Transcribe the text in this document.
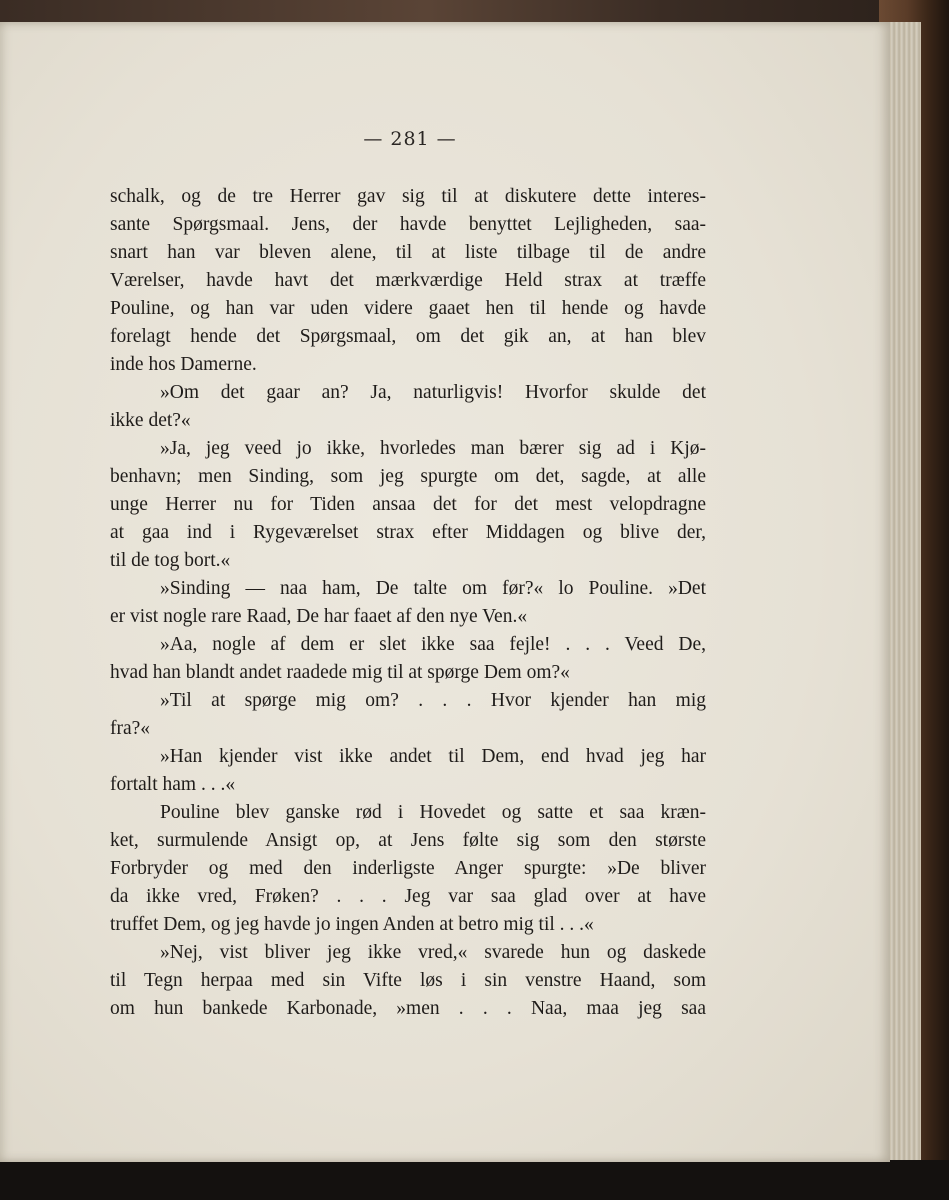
— 281 —

schalk, og de tre Herrer gav sig til at diskutere dette interes-
sante Spørgsmaal. Jens, der havde benyttet Lejligheden, saa-
snart han var bleven alene, til at liste tilbage til de andre
Værelser, havde havt det mærkværdige Held strax at træffe
Pouline, og han var uden videre gaaet hen til hende og havde
forelagt hende det Spørgsmaal, om det gik an, at han blev
inde hos Damerne.
»Om det gaar an? Ja, naturligvis! Hvorfor skulde det
ikke det?«
»Ja, jeg veed jo ikke, hvorledes man bærer sig ad i Kjø-
benhavn; men Sinding, som jeg spurgte om det, sagde, at alle
unge Herrer nu for Tiden ansaa det for det mest velopdragne
at gaa ind i Rygeværelset strax efter Middagen og blive der,
til de tog bort.«
»Sinding — naa ham, De talte om før?« lo Pouline. »Det
er vist nogle rare Raad, De har faaet af den nye Ven.«
»Aa, nogle af dem er slet ikke saa fejle! . . . Veed De,
hvad han blandt andet raadede mig til at spørge Dem om?«
»Til at spørge mig om? . . . Hvor kjender han mig
fra?«
»Han kjender vist ikke andet til Dem, end hvad jeg har
fortalt ham . . .«
Pouline blev ganske rød i Hovedet og satte et saa kræn-
ket, surmulende Ansigt op, at Jens følte sig som den største
Forbryder og med den inderligste Anger spurgte: »De bliver
da ikke vred, Frøken? . . . Jeg var saa glad over at have
truffet Dem, og jeg havde jo ingen Anden at betro mig til . . .«
»Nej, vist bliver jeg ikke vred,« svarede hun og daskede
til Tegn herpaa med sin Vifte løs i sin venstre Haand, som
om hun bankede Karbonade, »men . . . Naa, maa jeg saa
